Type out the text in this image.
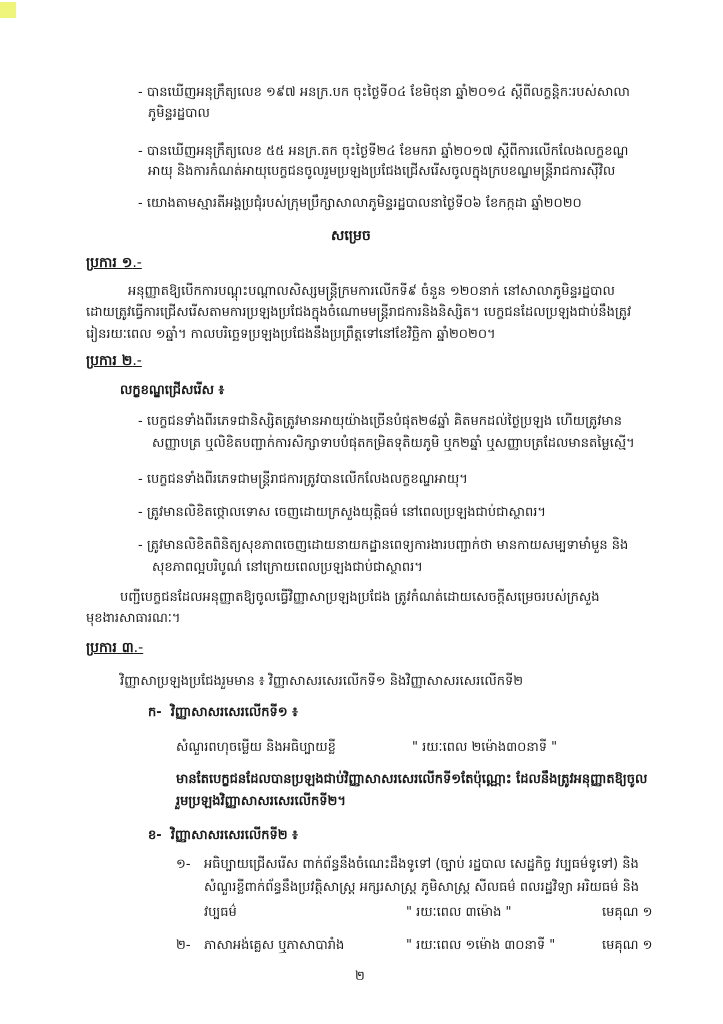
- បានឃើញអនុក្រឹត្យលេខ ១៩៧ អនក្រ.បក ចុះថ្ងៃទី០៤ ខែមិថុនា ឆ្នាំ២០១៤ ស្តីពីលក្ខន្តិកៈរបស់សាលា
ភូមិន្ទរដ្ឋបាល
- បានឃើញអនុក្រឹត្យលេខ ៥៥ អនក្រ.តក ចុះថ្ងៃទី២៤ ខែមករា ឆ្នាំ២០១៧ ស្តីពីការលើកលែងលក្ខខណ្ឌ
អាយុ និងការកំណត់អាយុបេក្ខជនចូលរួមប្រឡងប្រជែងជ្រើសរើសចូលក្នុងក្របខណ្ឌមន្ត្រីរាជការស៊ីវិល
- យោងតាមស្មារតីអង្គប្រជុំរបស់ក្រុមប្រឹក្សាសាលាភូមិន្ទរដ្ឋបាលនាថ្ងៃទី០៦ ខែកក្កដា ឆ្នាំ២០២០
សម្រេច
ប្រការ ១.-
អនុញ្ញាតឱ្យបើកការបណ្តុះបណ្តាលសិស្សមន្ត្រីក្រមការលើកទី៩ ចំនួន ១២០នាក់ នៅសាលាភូមិន្ទរដ្ឋបាល
ដោយត្រូវធ្វើការជ្រើសរើសតាមការប្រឡងប្រជែងក្នុងចំណោមមន្ត្រីរាជការនិងនិស្សិត។ បេក្ខជនដែលប្រឡងជាប់នឹងត្រូវ
រៀនរយៈពេល ១ឆ្នាំ។ កាលបរិច្ឆេទប្រឡងប្រជែងនឹងប្រព្រឹត្តទៅនៅខែវិច្ឆិកា ឆ្នាំ២០២០។
ប្រការ ២.-
លក្ខខណ្ឌជ្រើសរើស ៖
- បេក្ខជនទាំងពីរភេទជានិស្សិតត្រូវមានអាយុយ៉ាងច្រើនបំផុត២៨ឆ្នាំ គិតមកដល់ថ្ងៃប្រឡង ហើយត្រូវមាន
សញ្ញាបត្រ ឬលិខិតបញ្ជាក់ការសិក្សាទាបបំផុតកម្រិតទុតិយភូមិ ឬក២ឆ្នាំ ឬសញ្ញាបត្រដែលមានតម្លៃស្មើ។
- បេក្ខជនទាំងពីរភេទជាមន្ត្រីរាជការត្រូវបានលើកលែងលក្ខខណ្ឌអាយុ។
- ត្រូវមានលិខិតថ្កោលទោស ចេញដោយក្រសួងយុត្តិធម៌ នៅពេលប្រឡងជាប់ជាស្ថាពរ។
- ត្រូវមានលិខិតពិនិត្យសុខភាពចេញដោយនាយកដ្ឋានពេទ្យការងារបញ្ជាក់ថា មានកាយសម្បទាមាំមួន និង
សុខភាពល្អបរិបូណ៌ នៅក្រោយពេលប្រឡងជាប់ជាស្ថាពរ។
បញ្ជីបេក្ខជនដែលអនុញ្ញាតឱ្យចូលធ្វើវិញ្ញាសាប្រឡងប្រជែង ត្រូវកំណត់ដោយសេចក្តីសម្រេចរបស់ក្រសួង
មុខងារសាធារណៈ។
ប្រការ ៣.-
វិញ្ញាសាប្រឡងប្រជែងរួមមាន ៖ វិញ្ញាសាសរសេរលើកទី១ និងវិញ្ញាសាសរសេរលើកទី២
ក- វិញ្ញាសាសរសេរលើកទី១ ៖
សំណួរពហុចម្លើយ និងអធិប្បាយខ្លី	" រយៈពេល ២ម៉ោង៣០នាទី "
មានតែបេក្ខជនដែលបានប្រឡងជាប់វិញ្ញាសាសរសេរលើកទី១តែប៉ុណ្ណោះ ដែលនឹងត្រូវអនុញ្ញាតឱ្យចូល
រួមប្រឡងវិញ្ញាសាសរសេរលើកទី២។
ខ- វិញ្ញាសាសរសេរលើកទី២ ៖
១- អធិប្បាយជ្រើសរើស ពាក់ព័ន្ធនឹងចំណេះដឹងទូទៅ (ច្បាប់ រដ្ឋបាល សេដ្ឋកិច្ច វប្បធម៌ទូទៅ) និង
សំណួរខ្លីពាក់ព័ន្ធនឹងប្រវត្តិសាស្ត្រ អក្សរសាស្ត្រ ភូមិសាស្ត្រ សីលធម៌ ពលរដ្ឋវិទ្យា អរិយធម៌ និង
វប្បធម៌	" រយៈពេល ៣ម៉ោង "	មេគុណ ១
២- ភាសាអង់គ្លេស ឬភាសាបារាំង	" រយៈពេល ១ម៉ោង ៣០នាទី "	មេគុណ ១
២
